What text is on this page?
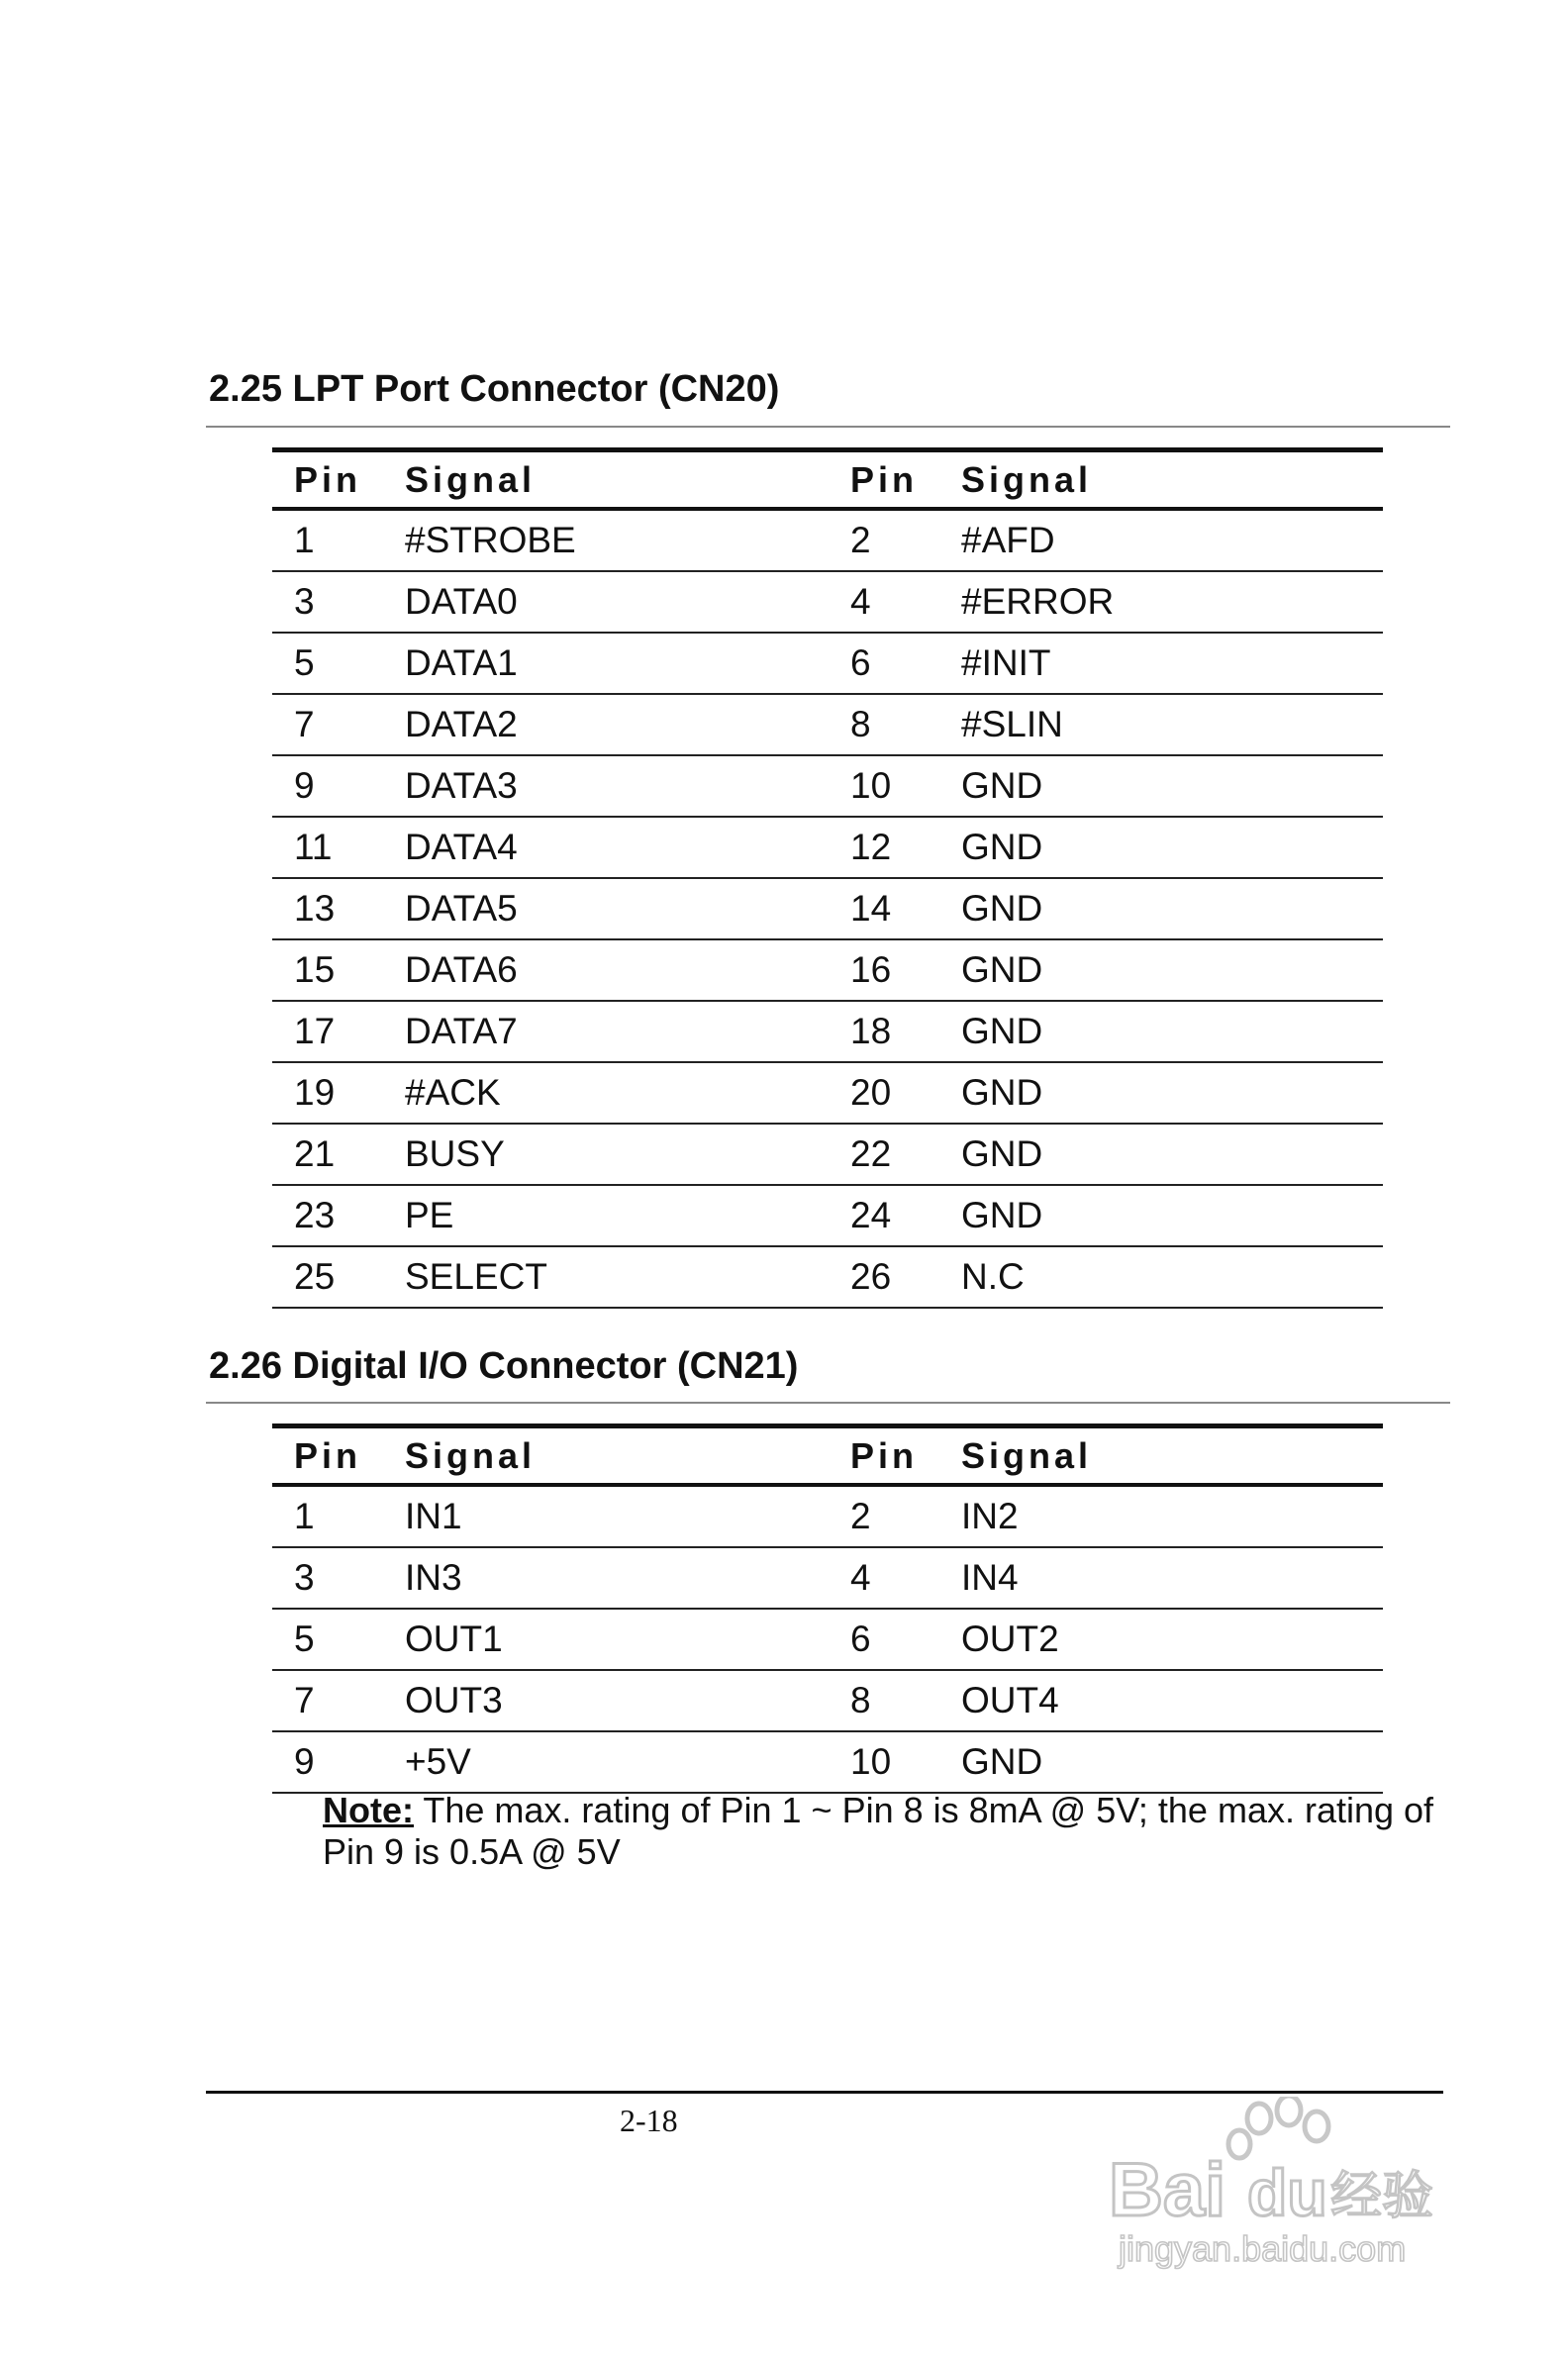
2.25 LPT Port Connector (CN20)
Pin	Signal	Pin	Signal
1	#STROBE	2	#AFD
3	DATA0	4	#ERROR
5	DATA1	6	#INIT
7	DATA2	8	#SLIN
9	DATA3	10	GND
11	DATA4	12	GND
13	DATA5	14	GND
15	DATA6	16	GND
17	DATA7	18	GND
19	#ACK	20	GND
21	BUSY	22	GND
23	PE	24	GND
25	SELECT	26	N.C
2.26 Digital I/O Connector (CN21)
Pin	Signal	Pin	Signal
1	IN1	2	IN2
3	IN3	4	IN4
5	OUT1	6	OUT2
7	OUT3	8	OUT4
9	+5V	10	GND
Note: The max. rating of Pin 1 ~ Pin 8 is 8mA @ 5V; the max. rating of Pin 9 is 0.5A @ 5V
2-18
Bai du 经验
jingyan.baidu.com
